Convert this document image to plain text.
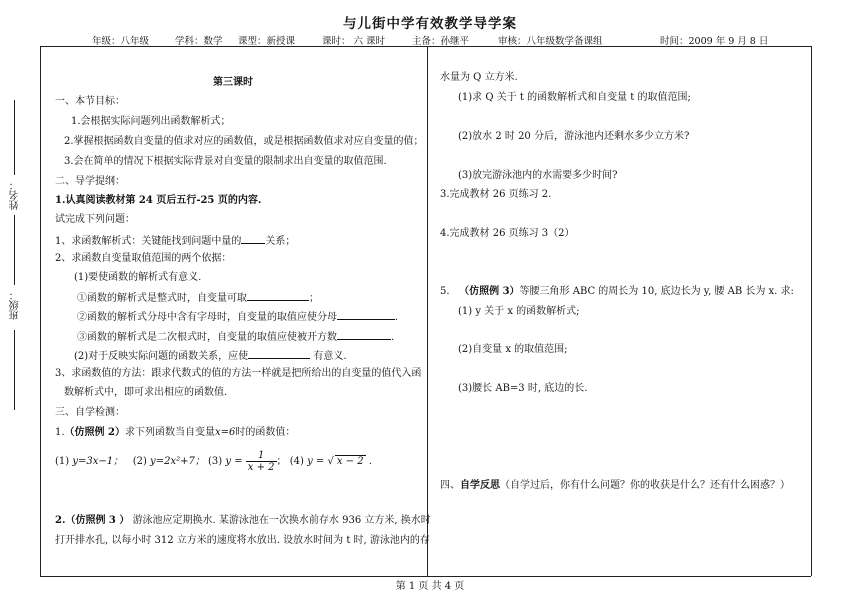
与儿街中学有效教学导学案
年级：八年级	学科：数学 课型：新授课	课时： 六 课时	主备：孙继平	审核：八年级数学备课组	时间：2009 年 9 月 8 日
姓名：
班级：
第三课时
一、本节目标：
1.会根据实际问题列出函数解析式；
2.掌握根据函数自变量的值求对应的函数值，或是根据函数值求对应自变量的值；
3.会在简单的情况下根据实际背景对自变量的限制求出自变量的取值范围.
二、导学提纲：
1.认真阅读教材第 24 页后五行-25 页的内容.
试完成下列问题：
1、求函数解析式：关键能找到问题中量的 关系；
2、求函数自变量取值范围的两个依据：
(1)要使函数的解析式有意义.
①函数的解析式是整式时，自变量可取	；
②函数的解析式分母中含有字母时，自变量的取值应使分母	.
③函数的解析式是二次根式时，自变量的取值应使被开方数	.
(2)对于反映实际问题的函数关系，应使	有意义.
3、求函数值的方法：跟求代数式的值的方法一样就是把所给出的自变量的值代入函
数解析式中，即可求出相应的函数值.
三、自学检测：
1.（仿照例 2）求下列函数当自变量x=6时的函数值：
(1) y=3x−1； (2) y=2x²+7； (3) $y = \frac{1}{x + 2}$ ； (4) y = √ x − 2 .
2.（仿照例 3 ） 游泳池应定期换水. 某游泳池在一次换水前存水 936 立方米, 换水时
打开排水孔, 以每小时 312 立方米的速度将水放出. 设放水时间为 t 时, 游泳池内的存
水量为 Q 立方米.
(1)求 Q 关于 t 的函数解析式和自变量 t 的取值范围;
(2)放水 2 时 20 分后，游泳池内还剩水多少立方米?
(3)放完游泳池内的水需要多少时间?
3.完成教材 26 页练习 2.
4.完成教材 26 页练习 3（2）
5. （仿照例 3）等腰三角形 ABC 的周长为 10, 底边长为 y, 腰 AB 长为 x. 求:
(1) y 关于 x 的函数解析式;
(2)自变量 x 的取值范围;
(3)腰长 AB=3 时, 底边的长.
四、自学反思（自学过后，你有什么问题？你的收获是什么？还有什么困惑？）
第 1 页 共 4 页
